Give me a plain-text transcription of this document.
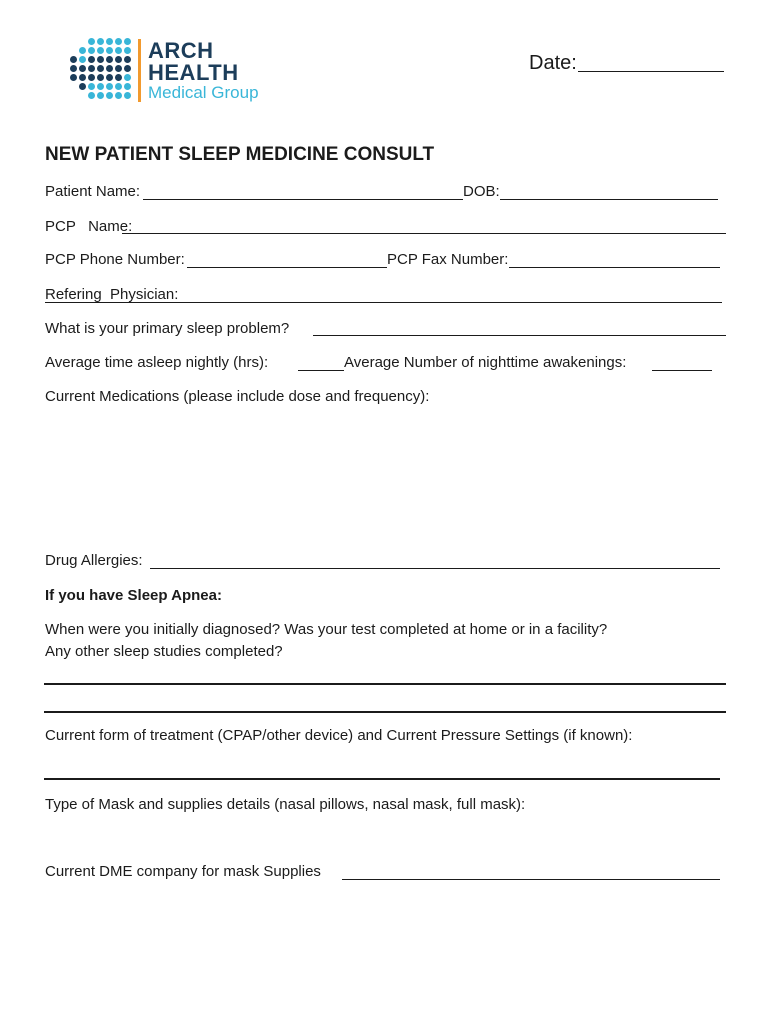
ARCH
HEALTH
Medical Group
Date:
NEW PATIENT SLEEP MEDICINE CONSULT
Patient Name:	DOB:
PCP   Name:
PCP Phone Number:	PCP Fax Number:
Refering  Physician:
What is your primary sleep problem?
Average time asleep nightly (hrs):	Average Number of nighttime awakenings:
Current Medications (please include dose and frequency):
Drug Allergies:
If you have Sleep Apnea:
When were you initially diagnosed? Was your test completed at home or in a facility?
Any other sleep studies completed?
Current form of treatment (CPAP/other device) and Current Pressure Settings (if known):
Type of Mask and supplies details (nasal pillows, nasal mask, full mask):
Current DME company for mask Supplies
